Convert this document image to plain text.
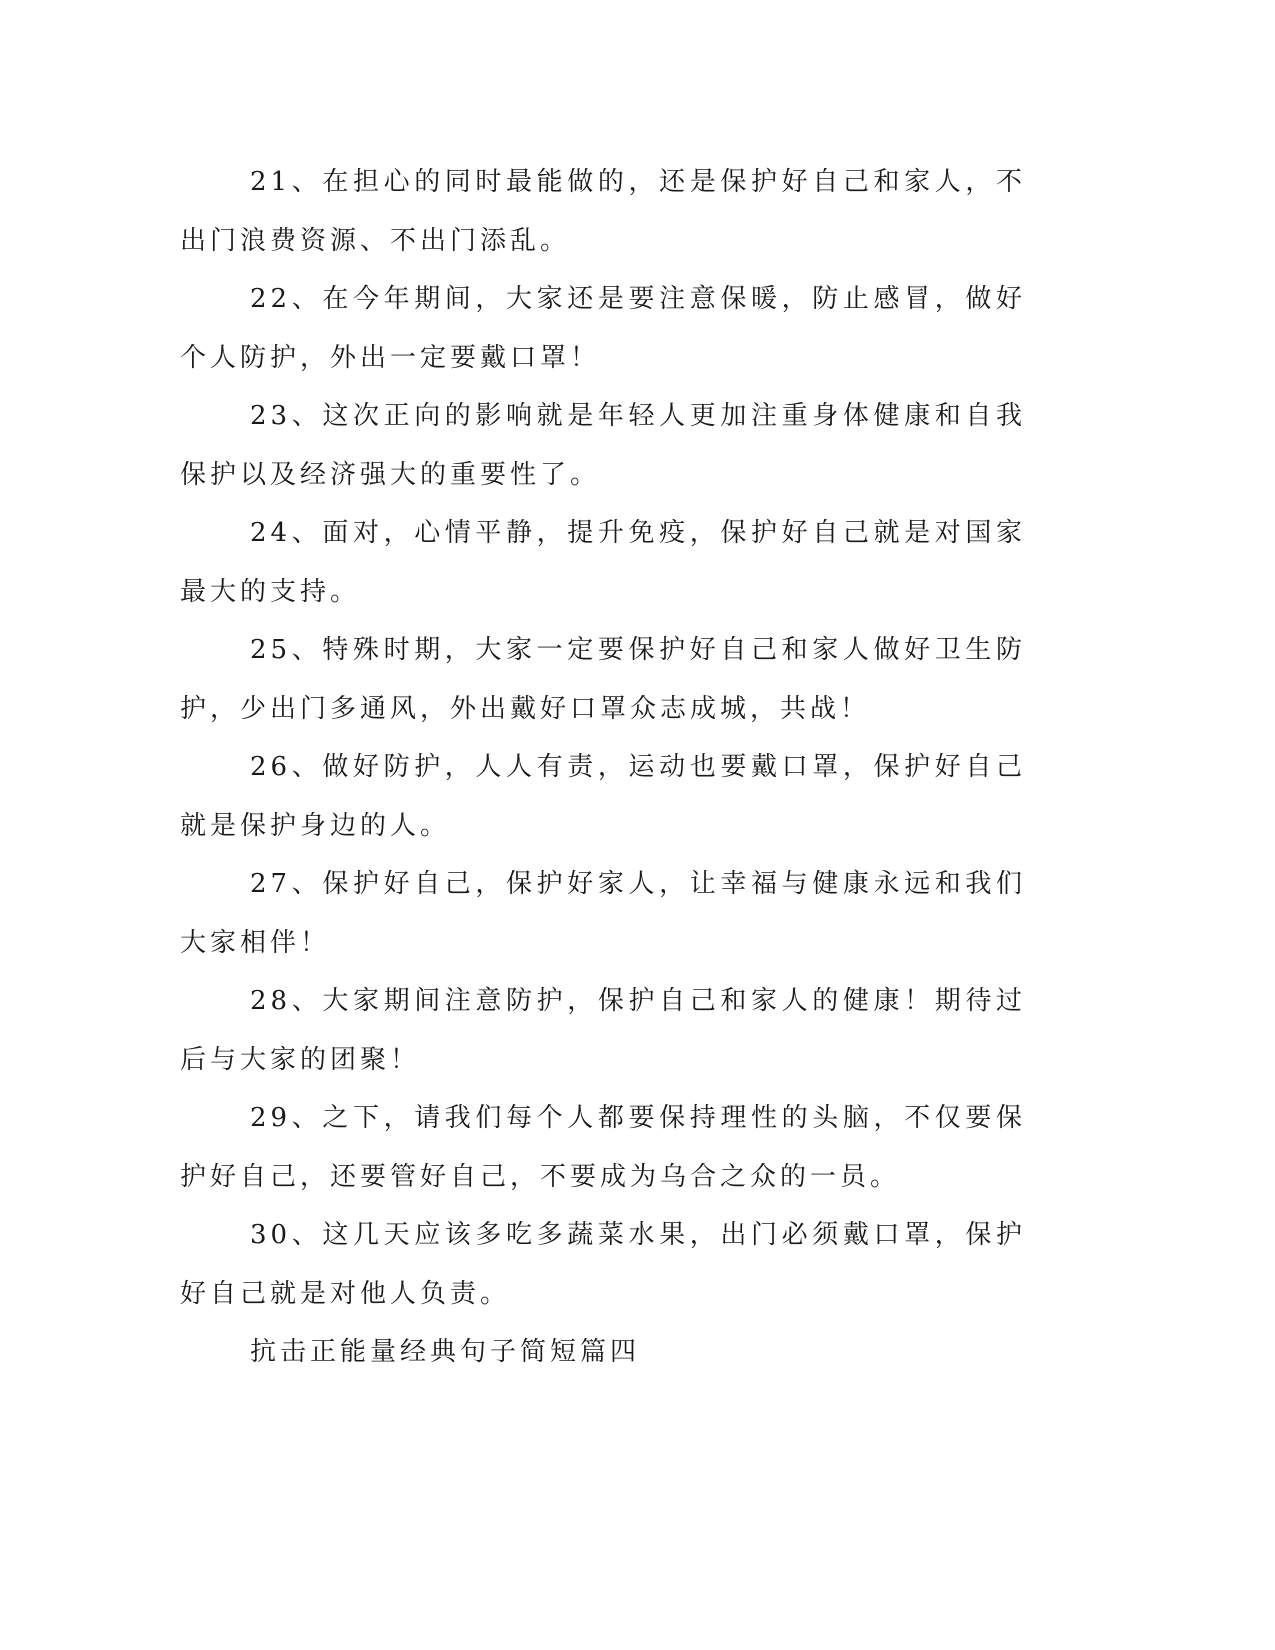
21、在担心的同时最能做的，还是保护好自己和家人，不出门浪费资源、不出门添乱。

22、在今年期间，大家还是要注意保暖，防止感冒，做好个人防护，外出一定要戴口罩！

23、这次正向的影响就是年轻人更加注重身体健康和自我保护以及经济强大的重要性了。

24、面对，心情平静，提升免疫，保护好自己就是对国家最大的支持。

25、特殊时期，大家一定要保护好自己和家人做好卫生防护，少出门多通风，外出戴好口罩众志成城，共战！

26、做好防护，人人有责，运动也要戴口罩，保护好自己就是保护身边的人。

27、保护好自己，保护好家人，让幸福与健康永远和我们大家相伴！

28、大家期间注意防护，保护自己和家人的健康！期待过后与大家的团聚！

29、之下，请我们每个人都要保持理性的头脑，不仅要保护好自己，还要管好自己，不要成为乌合之众的一员。

30、这几天应该多吃多蔬菜水果，出门必须戴口罩，保护好自己就是对他人负责。

抗击正能量经典句子简短篇四
